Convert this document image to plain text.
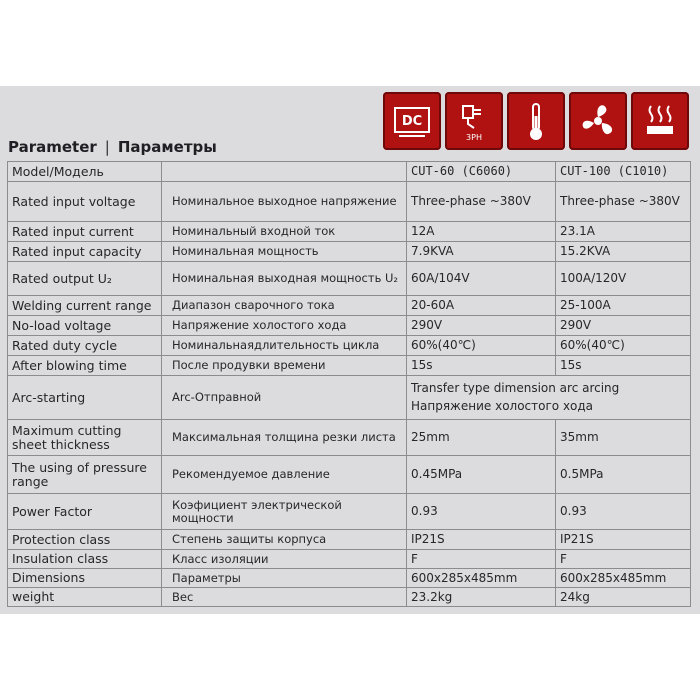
DC
3PH
Parameter | Параметры
Model/Модель		CUT-60 (C6060)	CUT-100 (C1010)
Rated input voltage	Номинальное выходное напряжение	Three-phase ~380V	Three-phase ~380V
Rated input current	Номинальный входной ток	12A	23.1A
Rated input capacity	Номинальная мощность	7.9KVA	15.2KVA
Rated output U₂	Номинальная выходная мощность U₂	60A/104V	100A/120V
Welding current range	Диапазон сварочного тока	20-60A	25-100A
No-load voltage	Напряжение холостого хода	290V	290V
Rated duty cycle	Номинальнаядлительность цикла	60%(40℃)	60%(40℃)
After blowing time	После продувки времени	15s	15s
Arc-starting	Arc-Отправной	Transfer type dimension arc arcing
Напряжение холостого хода	

Maximum cutting sheet thickness	Максимальная толщина резки листа	25mm	35mm
The using of pressure range	Рекомендуемое давление	0.45MPa	0.5MPa
Power Factor	Коэфициент электрической мощности	0.93	0.93
Protection class	Степень защиты корпуса	IP21S	IP21S
Insulation class	Класс изоляции	F	F
Dimensions	Параметры	600x285x485mm	600x285x485mm
weight	Вес	23.2kg	24kg
